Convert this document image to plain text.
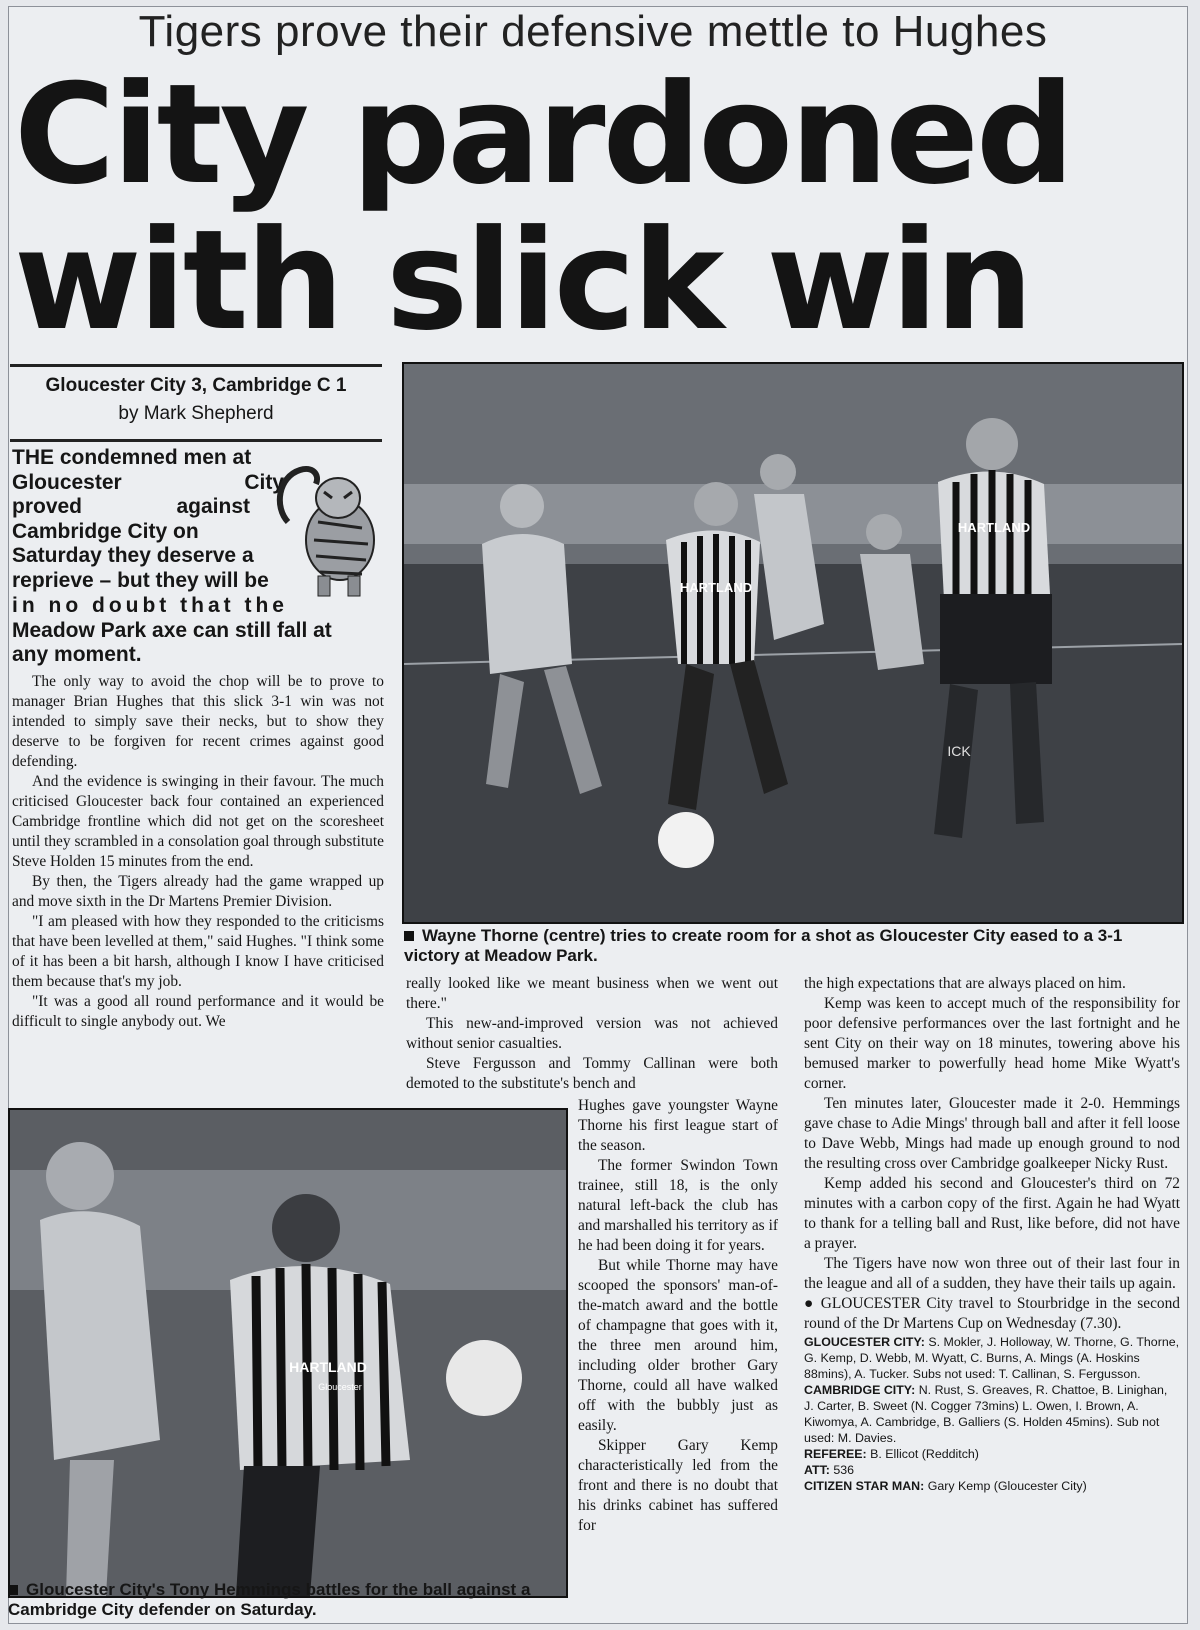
Tigers prove their defensive mettle to Hughes
City pardoned
with slick win
Gloucester City 3, Cambridge C 1
by Mark Shepherd
THE condemned men at
Gloucester	City
proved	against
Cambridge City on
Saturday they deserve a
reprieve – but they will be
in no doubt that the
Meadow Park axe can still fall at
any moment.

The only way to avoid the chop will be to prove to manager Brian Hughes that this slick 3-1 win was not intended to simply save their necks, but to show they deserve to be forgiven for recent crimes against good defending.

And the evidence is swinging in their favour. The much criticised Gloucester back four contained an experienced Cambridge frontline which did not get on the scoresheet until they scrambled in a consolation goal through substitute Steve Holden 15 minutes from the end.

By then, the Tigers already had the game wrapped up and move sixth in the Dr Martens Premier Division.

"I am pleased with how they responded to the criticisms that have been levelled at them," said Hughes. "I think some of it has been a bit harsh, although I know I have criticised them because that's my job.

"It was a good all round performance and it would be difficult to single anybody out. We

HARTLAND
HARTLAND
ICK
Wayne Thorne (centre) tries to create room for a shot as Gloucester City eased to a 3-1 victory at Meadow Park.

really looked like we meant business when we went out there."

This new-and-improved version was not achieved without senior casualties.

Steve Fergusson and Tommy Callinan were both demoted to the substitute's bench and

Hughes gave youngster Wayne Thorne his first league start of the season.

The former Swindon Town trainee, still 18, is the only natural left-back the club has and marshalled his territory as if he had been doing it for years.

But while Thorne may have scooped the sponsors' man-of-the-match award and the bottle of champagne that goes with it, the three men around him, including older brother Gary Thorne, could all have walked off with the bubbly just as easily.

Skipper Gary Kemp characteristically led from the front and there is no doubt that his drinks cabinet has suffered for

HARTLAND
Gloucester
Gloucester City's Tony Hemmings battles for the ball against a Cambridge City defender on Saturday.

the high expectations that are always placed on him.

Kemp was keen to accept much of the responsibility for poor defensive performances over the last fortnight and he sent City on their way on 18 minutes, towering above his bemused marker to powerfully head home Mike Wyatt's corner.

Ten minutes later, Gloucester made it 2-0. Hemmings gave chase to Adie Mings' through ball and after it fell loose to Dave Webb, Mings had made up enough ground to nod the resulting cross over Cambridge goalkeeper Nicky Rust.

Kemp added his second and Gloucester's third on 72 minutes with a carbon copy of the first. Again he had Wyatt to thank for a telling ball and Rust, like before, did not have a prayer.

The Tigers have now won three out of their last four in the league and all of a sudden, they have their tails up again.

● GLOUCESTER City travel to Stourbridge in the second round of the Dr Martens Cup on Wednesday (7.30).

GLOUCESTER CITY: S. Mokler, J. Holloway, W. Thorne, G. Thorne, G. Kemp, D. Webb, M. Wyatt, C. Burns, A. Mings (A. Hoskins 88mins), A. Tucker. Subs not used: T. Callinan, S. Fergusson.
CAMBRIDGE CITY: N. Rust, S. Greaves, R. Chattoe, B. Linighan, J. Carter, B. Sweet (N. Cogger 73mins) L. Owen, I. Brown, A. Kiwomya, A. Cambridge, B. Galliers (S. Holden 45mins). Sub not used: M. Davies.
REFEREE: B. Ellicot (Redditch)
ATT: 536
CITIZEN STAR MAN: Gary Kemp (Gloucester City)
